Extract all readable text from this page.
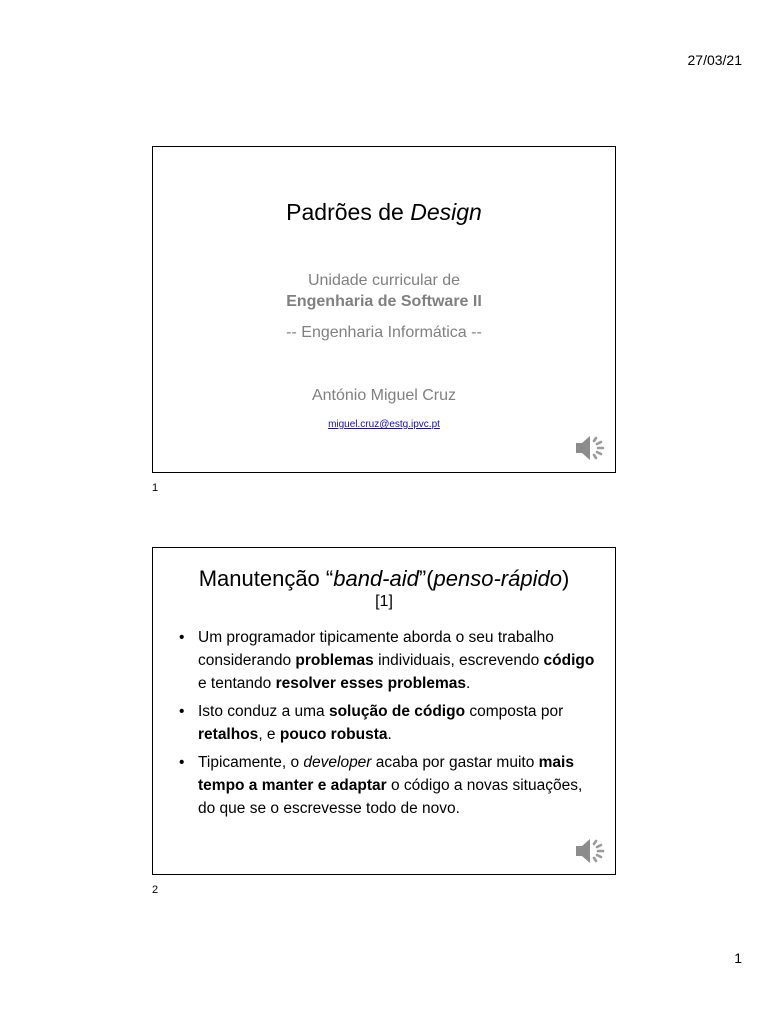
27/03/21
Padrões de Design
Unidade curricular de
Engenharia de Software II
-- Engenharia Informática --
António Miguel Cruz
miguel.cruz@estg.ipvc.pt
1
Manutenção “band-aid”(penso-rápido)
[1]
• Um programador tipicamente aborda o seu trabalho considerando problemas individuais, escrevendo código e tentando resolver esses problemas.
• Isto conduz a uma solução de código composta por retalhos, e pouco robusta.
• Tipicamente, o developer acaba por gastar muito mais tempo a manter e adaptar o código a novas situações, do que se o escrevesse todo de novo.
2
1
